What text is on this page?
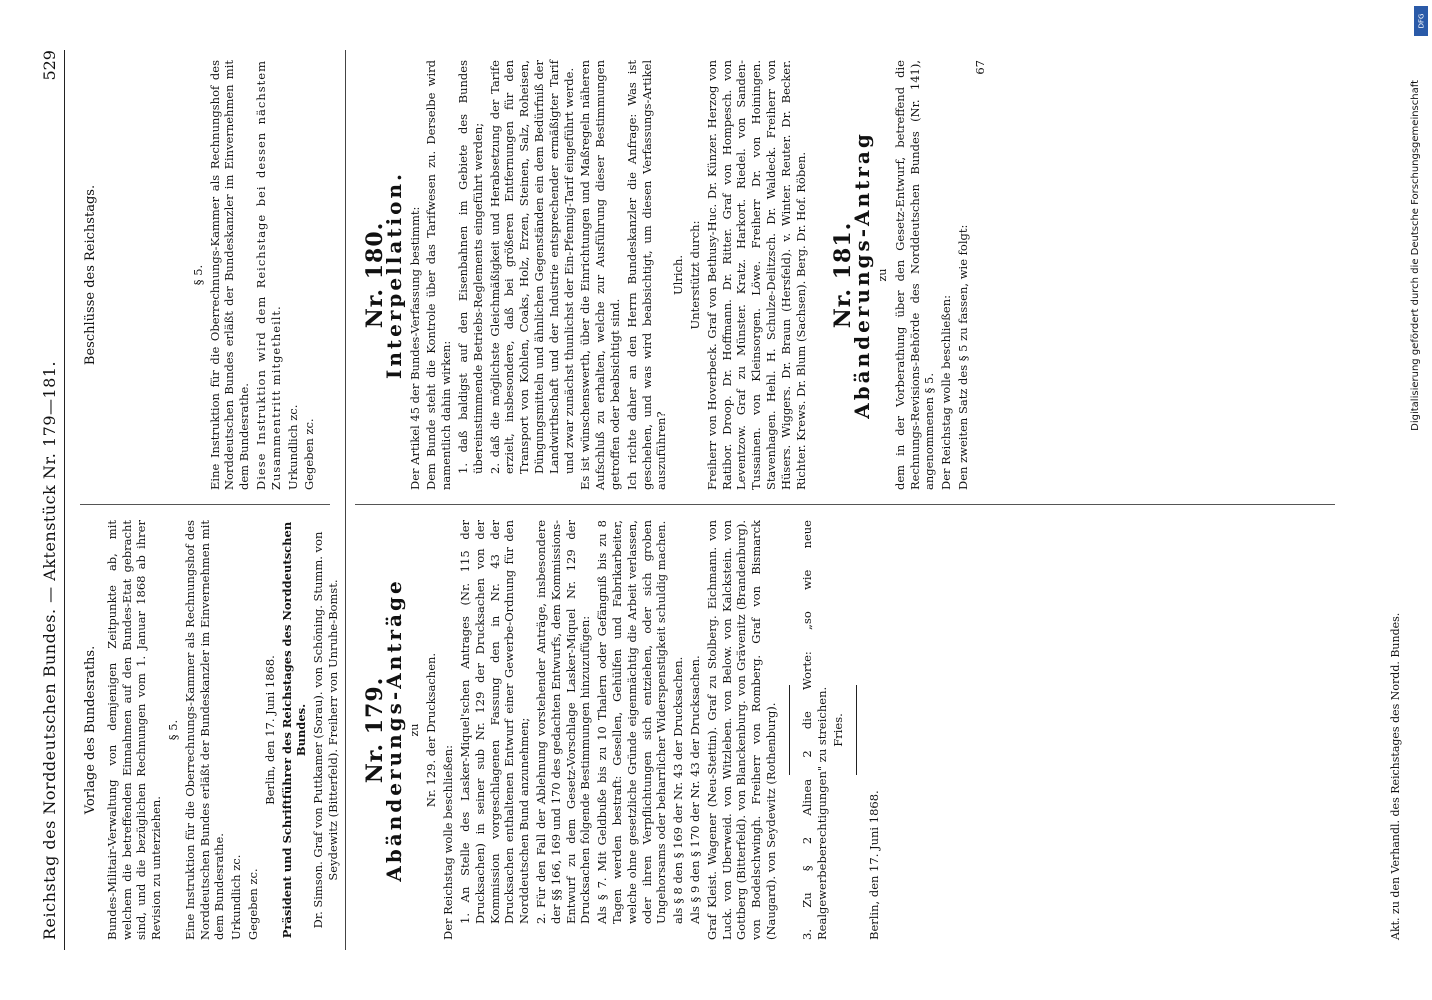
Reichstag des Norddeutschen Bundes. — Aktenstück Nr. 179—181.
529
Vorlage des Bundesraths. Bundes-Militair-Verwaltung von demjenigen Zeitpunkte ab, mit welchem die betreffenden Einnahmen auf den Bundes-Etat gebracht sind, und die bezüglichen Rechnungen vom 1. Januar 1868 ab ihrer Revision zu unterziehen.

§ 5. Eine Instruktion für die Oberrechnungs-Kammer als Rechnungshof des Norddeutschen Bundes erläßt der Bundeskanzler im Einvernehmen mit dem Bundesrathe. Urkundlich zc. Gegeben zc.

Berlin, den 17. Juni 1868. Präsident und Schriftführer des Reichstages des Norddeutschen Bundes. Dr. Simson. Graf von Puttkamer (Sorau). von Schöning. Stumm. von Seydewitz (Bitterfeld). Freiherr von Unruhe-Bomst.

Beschlüsse des Reichstags.	§ 5. Eine Instruktion für die Oberrechnungs-Kammer als Rechnungshof des Norddeutschen Bundes erläßt der Bundeskanzler im Einvernehmen mit dem Bundesrathe. Diese Instruktion wird dem Reichstage bei dessen nächstem Zusammentritt mitgetheilt. Urkundlich zc. Gegeben zc.

Nr. 179.
Abänderungs-Anträge zu Nr. 129. der Drucksachen.

Der Reichstag wolle beschließen: 1. An Stelle des Lasker-Miquel'schen Antrages (Nr. 115 der Drucksachen) in seiner sub Nr. 129 der Drucksachen von der Kommission vorgeschlagenen Fassung den in Nr. 43 der Drucksachen enthaltenen Entwurf einer Gewerbe-Ordnung für den Norddeutschen Bund anzunehmen; 2. Für den Fall der Ablehnung vorstehender Anträge, insbesondere der §§ 166, 169 und 170 des gedachten Entwurfs, dem Kommissions-Entwurf zu dem Gesetz-Vorschlage Lasker-Miquel Nr. 129 der Drucksachen folgende Bestimmungen hinzuzufügen: Als § 7. Mit Geldbuße bis zu 10 Thalern oder Gefängniß bis zu 8 Tagen werden bestraft: Gesellen, Gehülfen und Fabrikarbeiter, welche ohne gesetzliche Gründe eigenmächtig die Arbeit verlassen, oder ihren Verpflichtungen sich entziehen, oder sich groben Ungehorsams oder beharrlicher Widerspenstigkeit schuldig machen. als § 8 den § 169 der Nr. 43 der Drucksachen. Als § 9 den § 170 der Nr. 43 der Drucksachen. Graf Kleist. Wagener (Neu-Stettin). Graf zu Stolberg. Eichmann. von Luck. von Uberweid. von Witzleben. von Below. von Kalckstein. von Gottberg (Bitterfeld). von Blanckenburg. von Grävenitz (Brandenburg). von Bodelschwingh. Freiherr von Romberg. Graf von Bismarck (Naugard). von Seydewitz (Rothenburg). 3. Zu § 2 Alinea 2 die Worte: „so wie neue Realgewerbeberechtigungen" zu streichen. Fries.

Berlin, den 17. Juni 1868.

Nr. 180.
Interpellation. Der Artikel 45 der Bundes-Verfassung bestimmt: Dem Bunde steht die Kontrole über das Tarifwesen zu. Derselbe wird namentlich dahin wirken: 1. daß baldigst auf den Eisenbahnen im Gebiete des Bundes übereinstimmende Betriebs-Reglements eingeführt werden; 2. daß die möglichste Gleichmäßigkeit und Herabsetzung der Tarife erzielt, insbesondere, daß bei größeren Entfernungen für den Transport von Kohlen, Coaks, Holz, Erzen, Steinen, Salz, Roheisen, Düngungsmitteln und ähnlichen Gegenständen ein dem Bedürfniß der Landwirthschaft und der Industrie entsprechender ermäßigter Tarif und zwar zunächst thunlichst der Ein-Pfennig-Tarif eingeführt werde. Es ist wünschenswerth, über die Einrichtungen und Maßregeln näheren Aufschluß zu erhalten, welche zur Ausführung dieser Bestimmungen getroffen oder beabsichtigt sind. Ich richte daher an den Herrn Bundeskanzler die Anfrage: Was ist geschehen, und was wird beabsichtigt, um diesen Verfassungs-Artikel auszuführen?

Ulrich. Unterstützt durch: Freiherr von Hoverbeck. Graf von Bethusy-Huc. Dr. Künzer. Herzog von Ratibor. Droop. Dr. Hoffmann. Dr. Ritter. Graf von Hompesch. von Leventzow. Graf zu Münster. Kratz. Harkort. Riedel. von Sanden-Tussainen. von Kleinsorgen. Löwe. Freiherr Dr. von Hoiningen. Stavenhagen. Hehl. H. Schulze-Delitzsch. Dr. Waldeck. Freiherr von Hüsers. Wiggers. Dr. Braun (Hersfeld). v. Winter. Reuter. Dr. Becker. Richter. Krews. Dr. Blum (Sachsen). Berg. Dr. Hof. Röben. Nr. 181.
Abänderungs-Antrag zu dem in der Vorberathung über den Gesetz-Entwurf, betreffend die Rechnungs-Revisions-Behörde des Norddeutschen Bundes (Nr. 141), angenommenen § 5. Der Reichstag wolle beschließen: Den zweiten Satz des § 5 zu fassen, wie folgt:

67

Akt. zu den Verhandl. des Reichstages des Nordd. Bundes.
Digitalisierung gefördert durch die Deutsche Forschungsgemeinschaft
DFG
